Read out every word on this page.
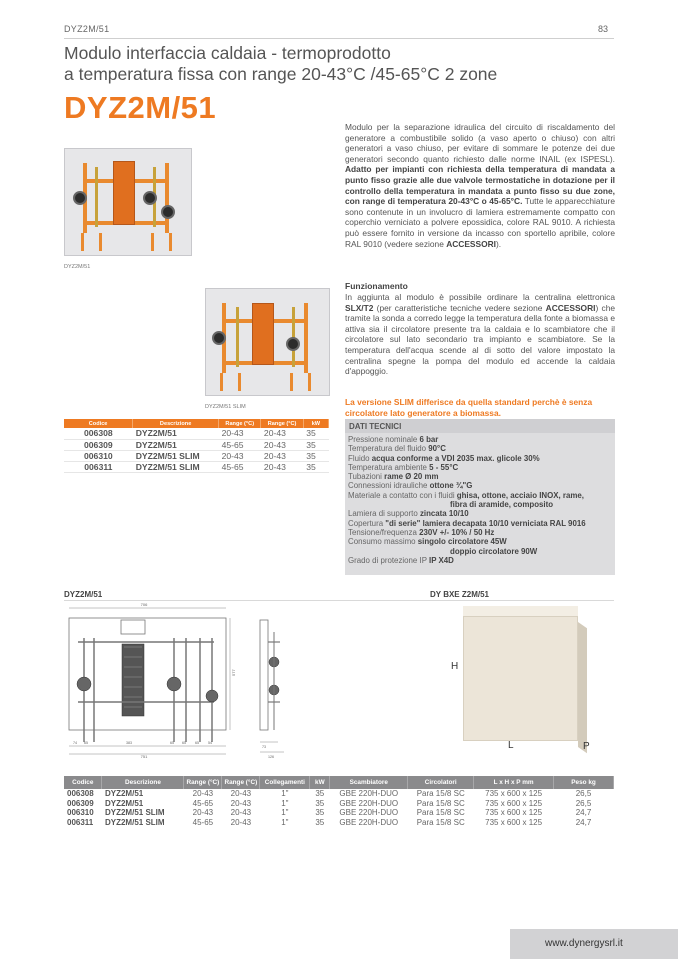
DYZ2M/51	83
Modulo interfaccia caldaia - termoprodotto
a temperatura fissa con range 20-43°C /45-65°C 2 zone
DYZ2M/51
DYZ2M/51
DYZ2M/51 SLIM
Modulo per la separazione idraulica del circuito di riscaldamento del generatore a combustibile solido (a vaso aperto o chiuso) con altri generatori a vaso chiuso, per evitare di sommare le potenze dei due generatori secondo quanto richiesto dalle norme INAIL (ex ISPESL). Adatto per impianti con richiesta della temperatura di mandata a punto fisso grazie alle due valvole termostatiche in dotazione per il controllo della temperatura in mandata a punto fisso su due zone, con range di temperatura 20-43°C o 45-65°C. Tutte le apparecchiature sono contenute in un involucro di lamiera estremamente compatto con coperchio verniciato a polvere epossidica, colore RAL 9010. A richiesta può essere fornito in versione da incasso con sportello apribile, colore RAL 9010 (vedere sezione ACCESSORI).
Funzionamento
In aggiunta al modulo è possibile ordinare la centralina elettronica SLX/T2 (per caratteristiche tecniche vedere sezione ACCESSORI) che tramite la sonda a corredo legge la temperatura della fonte a biomassa e attiva sia il circolatore presente tra la caldaia e lo scambiatore che il circolatore sul lato secondario tra impianto e scambiatore. Se la temperatura dell'acqua scende al di sotto del valore impostato la centralina spegne la pompa del modulo ed accende la caldaia d'appoggio.
La versione SLIM differisce da quella standard perchè è senza circolatore lato generatore a biomassa.
DATI TECNICI
Pressione nominale 6 bar
Temperatura del fluido 90°C
Fluido acqua conforme a VDI 2035 max. glicole 30%
Temperatura ambiente 5 - 55°C
Tubazioni rame Ø 20 mm
Connessioni idrauliche ottone ¾"G
Materiale a contatto con i fluidi ghisa, ottone, acciaio INOX, rame,
fibra di aramide, composito
Lamiera di supporto zincata 10/10
Copertura "di serie" lamiera decapata 10/10 verniciata RAL 9016
Tensione/frequenza 230V +/- 10% / 50 Hz
Consumo massimo singolo circolatore 45W
doppio circolatore 90W
Grado di protezione IP IP X4D
Codice	Descrizione	Range (°C)	Range (°C)	kW
006308	DYZ2M/51	20-43	20-43	35
006309	DYZ2M/51	45-65	20-43	35
006310	DYZ2M/51 SLIM	20-43	20-43	35
006311	DYZ2M/51 SLIM	45-65	20-43	35
DYZ2M/51	DY BXE Z2M/51
706
577
74 65	383	65 65	65	54
751
73
126
H
L	P
Codice	Descrizione	Range (°C)	Range (°C)	Collegamenti	kW	Scambiatore	Circolatori	L x H x P mm	Peso kg
006308	DYZ2M/51	20-43	20-43	1"	35	GBE 220H-DUO	Para 15/8 SC	735 x 600 x 125	26,5
006309	DYZ2M/51	45-65	20-43	1"	35	GBE 220H-DUO	Para 15/8 SC	735 x 600 x 125	26,5
006310	DYZ2M/51 SLIM	20-43	20-43	1"	35	GBE 220H-DUO	Para 15/8 SC	735 x 600 x 125	24,7
006311	DYZ2M/51 SLIM	45-65	20-43	1"	35	GBE 220H-DUO	Para 15/8 SC	735 x 600 x 125	24,7
www.dynergysrl.it
